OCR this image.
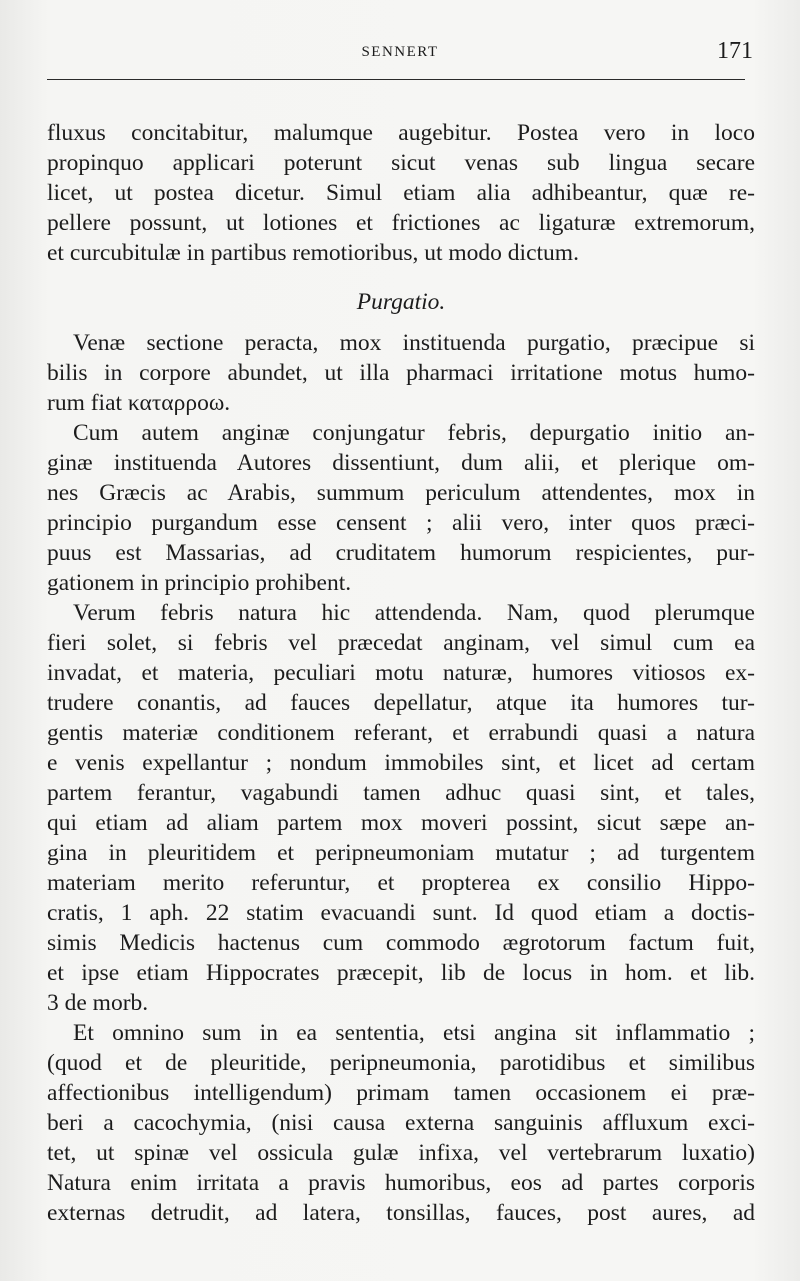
SENNERT	171
fluxus concitabitur, malumque augebitur. Postea vero in loco
propinquo applicari poterunt sicut venas sub lingua secare
licet, ut postea dicetur. Simul etiam alia adhibeantur, quæ re-
pellere possunt, ut lotiones et frictiones ac ligaturæ extremorum,
et curcubitulæ in partibus remotioribus, ut modo dictum.
Purgatio.
Venæ sectione peracta, mox instituenda purgatio, præcipue si
bilis in corpore abundet, ut illa pharmaci irritatione motus humo-
rum fiat καταρροω.
Cum autem anginæ conjungatur febris, depurgatio initio an-
ginæ instituenda Autores dissentiunt, dum alii, et plerique om-
nes Græcis ac Arabis, summum periculum attendentes, mox in
principio purgandum esse censent ; alii vero, inter quos præci-
puus est Massarias, ad cruditatem humorum respicientes, pur-
gationem in principio prohibent.
Verum febris natura hic attendenda. Nam, quod plerumque
fieri solet, si febris vel præcedat anginam, vel simul cum ea
invadat, et materia, peculiari motu naturæ, humores vitiosos ex-
trudere conantis, ad fauces depellatur, atque ita humores tur-
gentis materiæ conditionem referant, et errabundi quasi a natura
e venis expellantur ; nondum immobiles sint, et licet ad certam
partem ferantur, vagabundi tamen adhuc quasi sint, et tales,
qui etiam ad aliam partem mox moveri possint, sicut sæpe an-
gina in pleuritidem et peripneumoniam mutatur ; ad turgentem
materiam merito referuntur, et propterea ex consilio Hippo-
cratis, 1 aph. 22 statim evacuandi sunt. Id quod etiam a doctis-
simis Medicis hactenus cum commodo ægrotorum factum fuit,
et ipse etiam Hippocrates præcepit, lib de locus in hom. et lib.
3 de morb.
Et omnino sum in ea sententia, etsi angina sit inflammatio ;
(quod et de pleuritide, peripneumonia, parotidibus et similibus
affectionibus intelligendum) primam tamen occasionem ei præ-
beri a cacochymia, (nisi causa externa sanguinis affluxum exci-
tet, ut spinæ vel ossicula gulæ infixa, vel vertebrarum luxatio)
Natura enim irritata a pravis humoribus, eos ad partes corporis
externas detrudit, ad latera, tonsillas, fauces, post aures, ad
